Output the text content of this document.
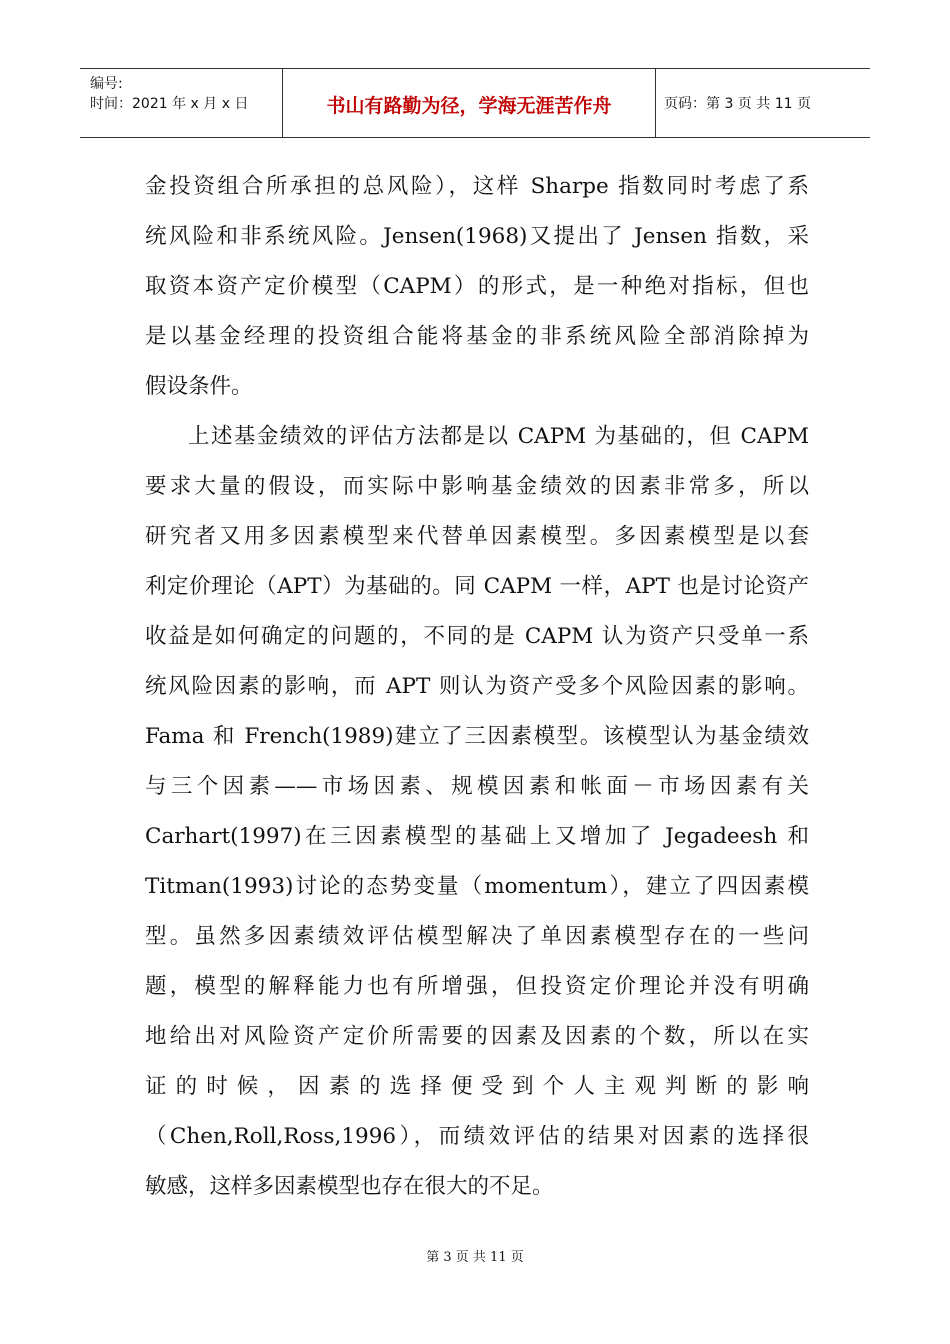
编号:
时间：2021 年 x 月 x 日	书山有路勤为径，学海无涯苦作舟	页码：第 3 页 共 11 页
金投资组合所承担的总风险），这样 Sharpe 指数同时考虑了系
统风险和非系统风险。Jensen(1968)又提出了 Jensen 指数，采
取资本资产定价模型（CAPM）的形式，是一种绝对指标，但也
是以基金经理的投资组合能将基金的非系统风险全部消除掉为
假设条件。
上述基金绩效的评估方法都是以 CAPM 为基础的，但 CAPM
要求大量的假设，而实际中影响基金绩效的因素非常多，所以
研究者又用多因素模型来代替单因素模型。多因素模型是以套
利定价理论（APT）为基础的。同 CAPM 一样，APT 也是讨论资产
收益是如何确定的问题的，不同的是 CAPM 认为资产只受单一系
统风险因素的影响，而 APT 则认为资产受多个风险因素的影响。
Fama 和 French(1989)建立了三因素模型。该模型认为基金绩效
与三个因素——市场因素、规模因素和帐面－市场因素有关
Carhart(1997)在三因素模型的基础上又增加了 Jegadeesh 和
Titman(1993)讨论的态势变量（momentum），建立了四因素模
型。虽然多因素绩效评估模型解决了单因素模型存在的一些问
题，模型的解释能力也有所增强，但投资定价理论并没有明确
地给出对风险资产定价所需要的因素及因素的个数，所以在实
证的时候，因素的选择便受到个人主观判断的影响
（Chen,Roll,Ross,1996），而绩效评估的结果对因素的选择很
敏感，这样多因素模型也存在很大的不足。
第 3 页 共 11 页
